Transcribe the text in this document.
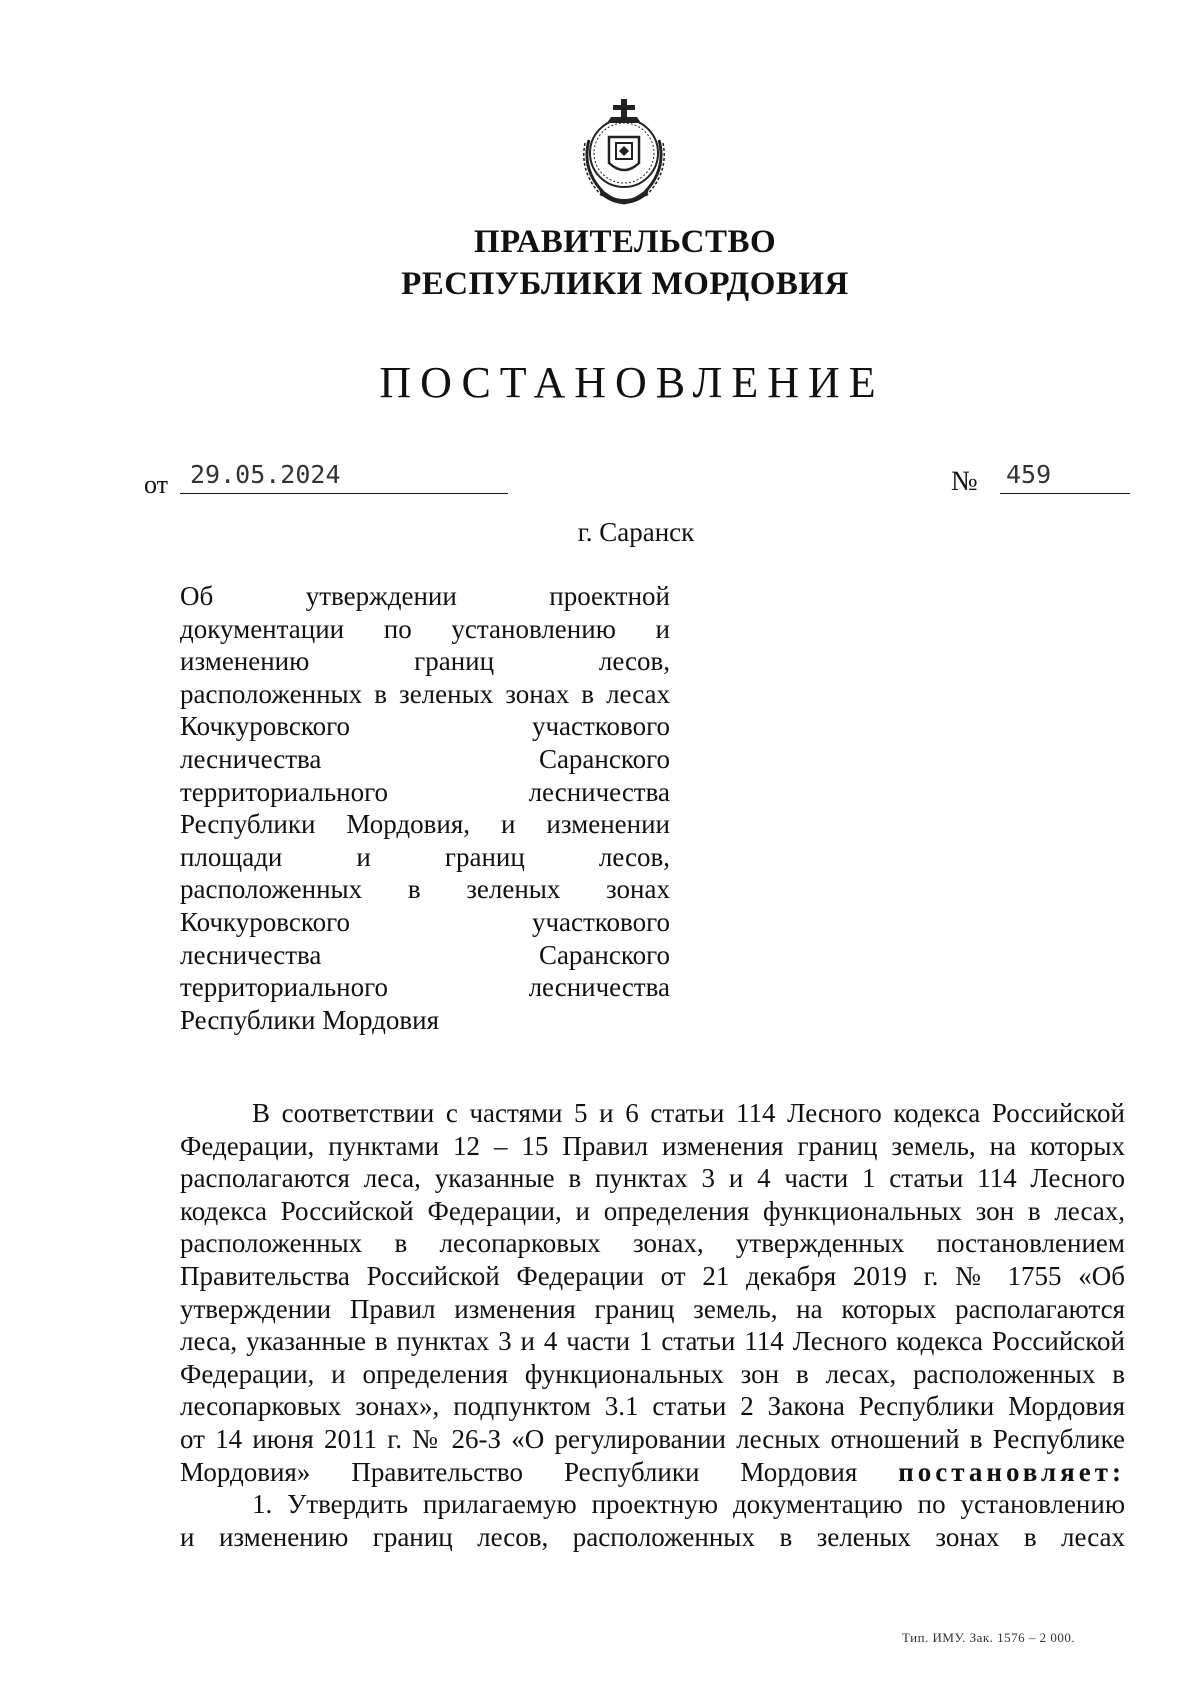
ПРАВИТЕЛЬСТВО
РЕСПУБЛИКИ МОРДОВИЯ
ПОСТАНОВЛЕНИЕ
от 29.05.2024	№ 459
г. Саранск
Об утверждении проектной
документации по установлению и
изменению границ лесов,
расположенных в зеленых зонах в лесах
Кочкуровского участкового
лесничества Саранского
территориального лесничества
Республики Мордовия, и изменении
площади и границ лесов,
расположенных в зеленых зонах
Кочкуровского участкового
лесничества Саранского
территориального лесничества
Республики Мордовия
В соответствии с частями 5 и 6 статьи 114 Лесного кодекса Российской
Федерации, пунктами 12 – 15 Правил изменения границ земель, на которых
располагаются леса, указанные в пунктах 3 и 4 части 1 статьи 114 Лесного
кодекса Российской Федерации, и определения функциональных зон в лесах,
расположенных в лесопарковых зонах, утвержденных постановлением
Правительства Российской Федерации от 21 декабря 2019 г. № 1755 «Об
утверждении Правил изменения границ земель, на которых располагаются
леса, указанные в пунктах 3 и 4 части 1 статьи 114 Лесного кодекса Российской
Федерации, и определения функциональных зон в лесах, расположенных в
лесопарковых зонах», подпунктом 3.1 статьи 2 Закона Республики Мордовия
от 14 июня 2011 г. № 26-З «О регулировании лесных отношений в Республике
Мордовия» Правительство Республики Мордовия постановляет:
1. Утвердить прилагаемую проектную документацию по установлению
и изменению границ лесов, расположенных в зеленых зонах в лесах
Тип. ИМУ. Зак. 1576 – 2 000.
